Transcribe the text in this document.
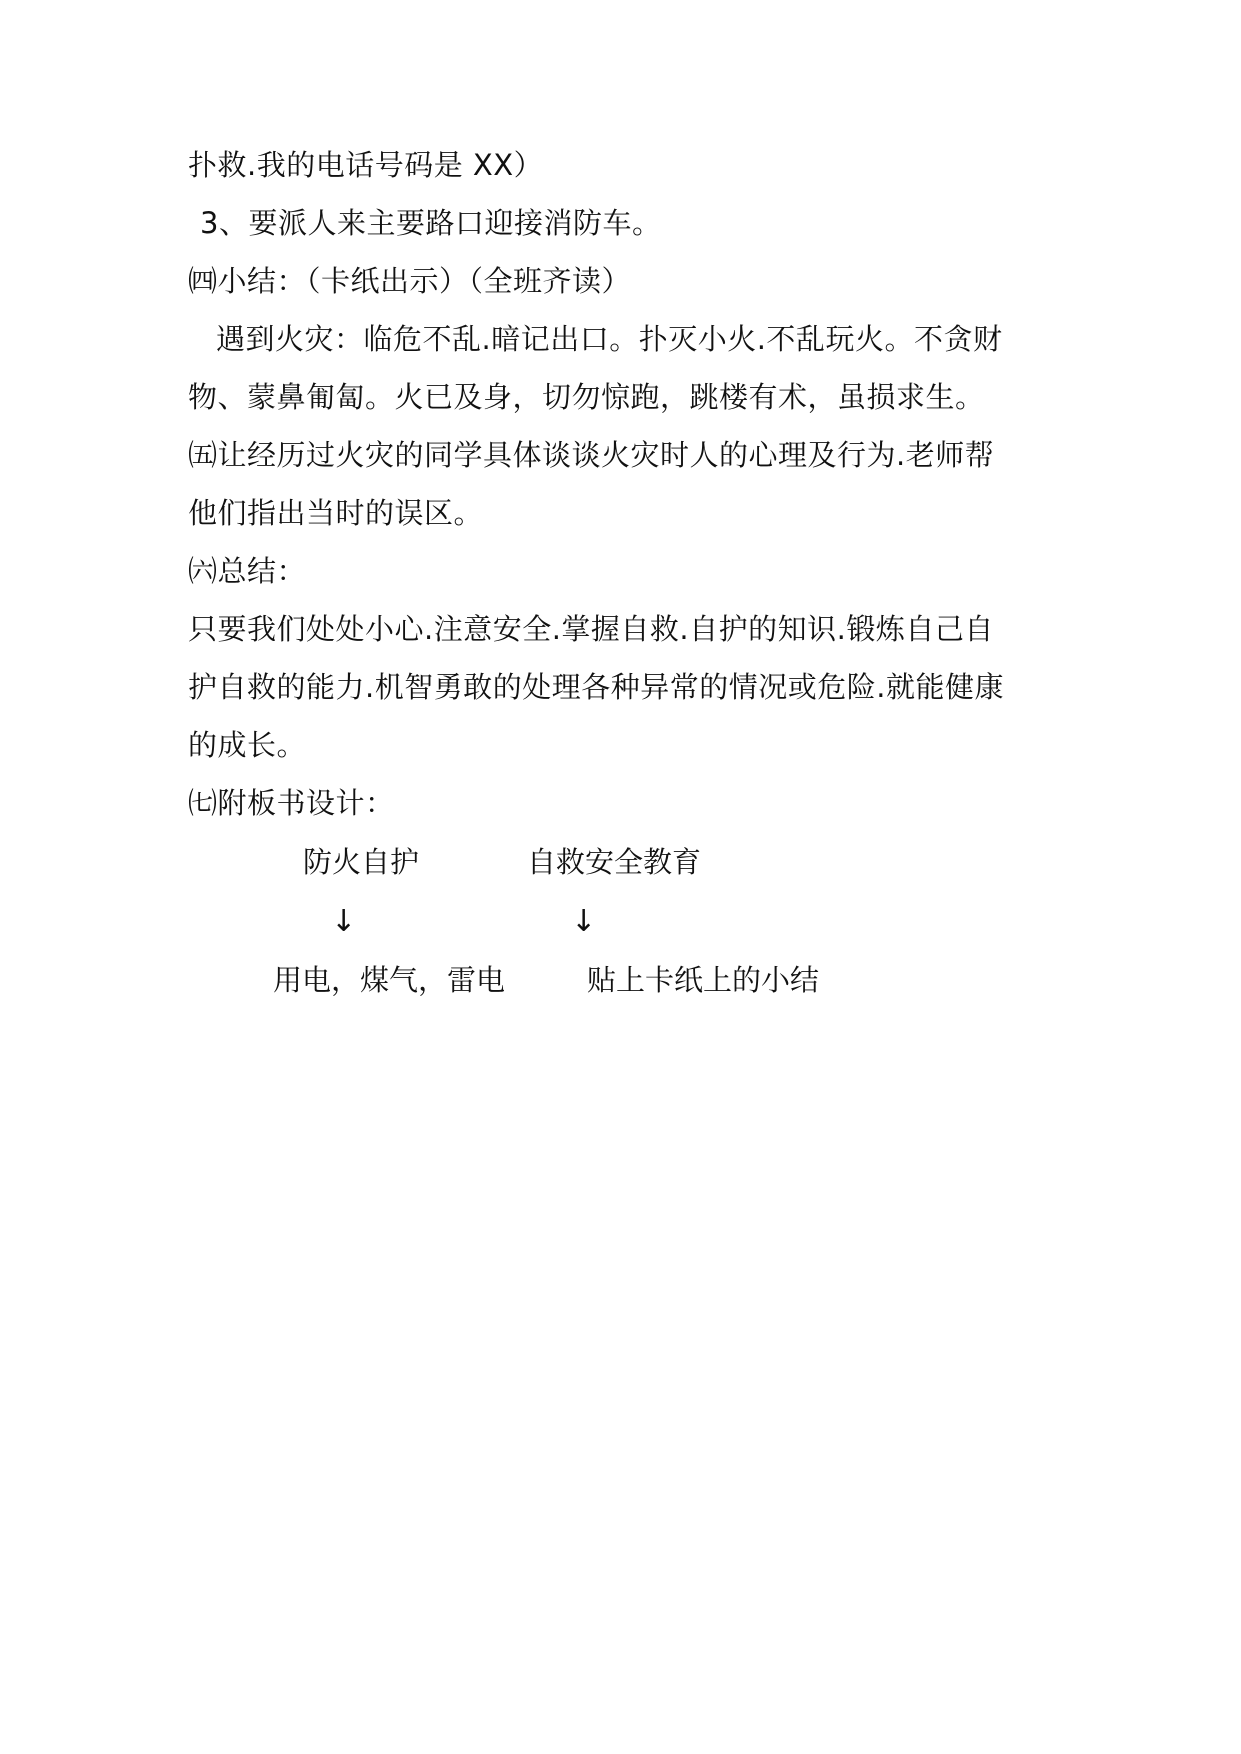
扑救.我的电话号码是 XX）
3、要派人来主要路口迎接消防车。
㈣小结：（卡纸出示）（全班齐读）
遇到火灾：临危不乱.暗记出口。扑灭小火.不乱玩火。不贪财
物、蒙鼻匍匐。火已及身，切勿惊跑，跳楼有术，虽损求生。
㈤让经历过火灾的同学具体谈谈火灾时人的心理及行为.老师帮
他们指出当时的误区。
㈥总结：
只要我们处处小心.注意安全.掌握自救.自护的知识.锻炼自己自
护自救的能力.机智勇敢的处理各种异常的情况或危险.就能健康
的成长。
㈦附板书设计：
防火自护	自救安全教育
↓	↓
用电，煤气，雷电	贴上卡纸上的小结
